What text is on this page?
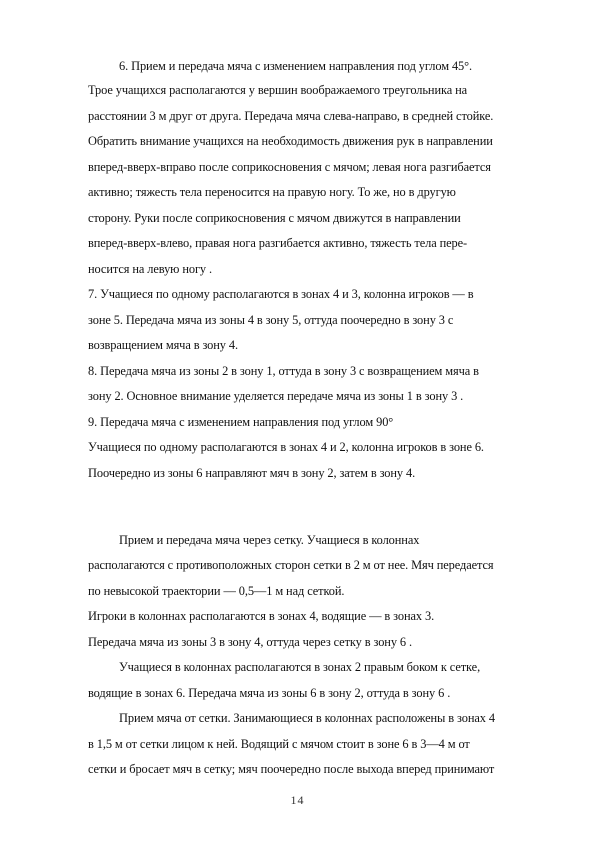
6. Прием и передача мяча с изменением направления под углом 45°.
Трое учащихся располагаются у вершин воображаемого треугольника на
расстоянии 3 м друг от друга. Передача мяча слева-направо, в средней стойке.
Обратить внимание учащихся на необходимость движения рук в направлении
вперед-вверх-вправо после соприкосновения с мячом; левая нога разгибается
активно; тяжесть тела переносится на правую ногу. То же, но в другую
сторону. Руки после соприкосновения с мячом движутся в направлении
вперед-вверх-влево, правая нога разгибается активно, тяжесть тела пере-
носится на левую ногу .
7. Учащиеся по одному располагаются в зонах 4 и 3, колонна игроков — в
зоне 5. Передача мяча из зоны 4 в зону 5, оттуда поочередно в зону 3 с
возвращением мяча в зону 4.
8. Передача мяча из зоны 2 в зону 1, оттуда в зону 3 с возвращением мяча в
зону 2. Основное внимание уделяется передаче мяча из зоны 1 в зону 3 .
9. Передача мяча с изменением направления под углом 90°
Учащиеся по одному располагаются в зонах 4 и 2, колонна игроков в зоне 6.
Поочередно из зоны 6 направляют мяч в зону 2, затем в зону 4.
Прием и передача мяча через сетку. Учащиеся в колоннах
располагаются с противоположных сторон сетки в 2 м от нее. Мяч передается
по невысокой траектории — 0,5—1 м над сеткой.
Игроки в колоннах располагаются в зонах 4, водящие — в зонах 3.
Передача мяча из зоны 3 в зону 4, оттуда через сетку в зону 6 .
Учащиеся в колоннах располагаются в зонах 2 правым боком к сетке,
водящие в зонах 6. Передача мяча из зоны 6 в зону 2, оттуда в зону 6 .
Прием мяча от сетки. Занимающиеся в колоннах расположены в зонах 4
в 1,5 м от сетки лицом к ней. Водящий с мячом стоит в зоне 6 в 3—4 м от
сетки и бросает мяч в сетку; мяч поочередно после выхода вперед принимают
14
